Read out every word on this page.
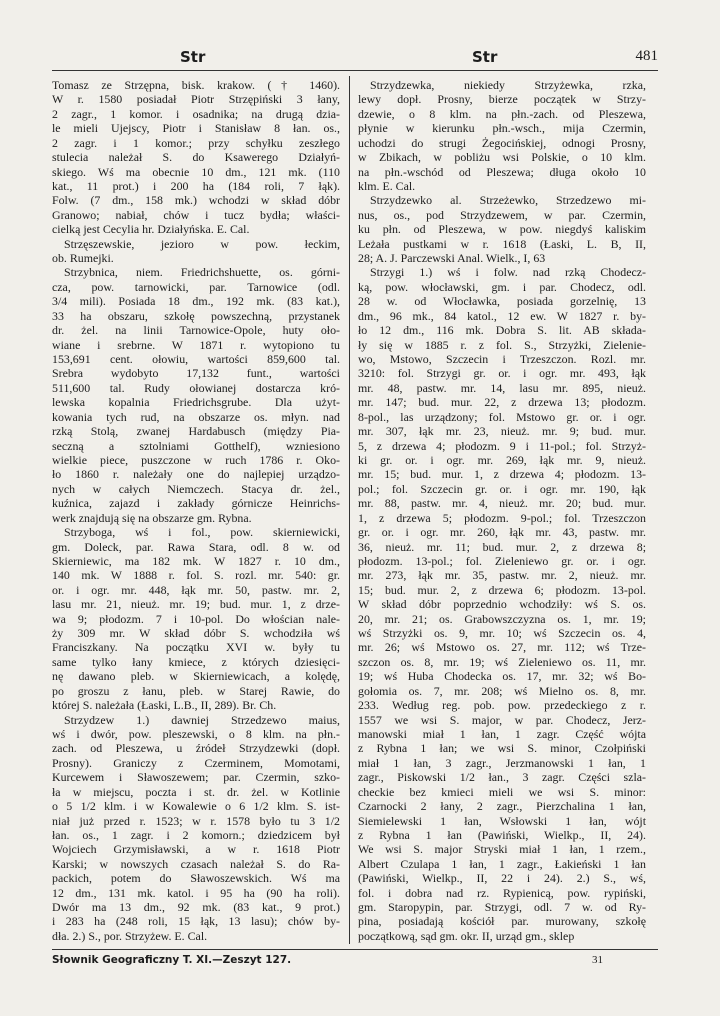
Str	Str	481
Tomasz ze Strzępna, bisk. krakow. († 1460).
W r. 1580 posiadał Piotr Strzępiński 3 łany,
2 zagr., 1 komor. i osadnika; na drugą dzia-
le mieli Ujejscy, Piotr i Stanisław 8 łan. os.,
2 zagr. i 1 komor.; przy schyłku zeszłego
stulecia należał S. do Ksawerego Działyń-
skiego. Wś ma obecnie 10 dm., 121 mk. (110
kat., 11 prot.) i 200 ha (184 roli, 7 łąk).
Folw. (7 dm., 158 mk.) wchodzi w skład dóbr
Granowo; nabiał, chów i tucz bydła; właści-
cielką jest Cecylia hr. Działyńska. E. Cal.
Strzęszewskie, jezioro w pow. łeckim,
ob. Rumejki.
Strzybnica, niem. Friedrichshuette, os. górni-
cza, pow. tarnowicki, par. Tarnowice (odl.
3/4 mili). Posiada 18 dm., 192 mk. (83 kat.),
33 ha obszaru, szkołę powszechną, przystanek
dr. żel. na linii Tarnowice-Opole, huty oło-
wiane i srebrne. W 1871 r. wytopiono tu
153,691 cent. ołowiu, wartości 859,600 tal.
Srebra wydobyto 17,132 funt., wartości
511,600 tal. Rudy ołowianej dostarcza kró-
lewska kopalnia Friedrichsgrube. Dla użyt-
kowania tych rud, na obszarze os. młyn. nad
rzką Stolą, zwanej Hardabusch (między Pia-
seczną a sztolniami Gotthelf), wzniesiono
wielkie piece, puszczone w ruch 1786 r. Oko-
ło 1860 r. należały one do najlepiej urządzo-
nych w całych Niemczech. Stacya dr. żel.,
kuźnica, zajazd i zakłady górnicze Heinrichs-
werk znajdują się na obszarze gm. Rybna.
Strzyboga, wś i fol., pow. skierniewicki,
gm. Doleck, par. Rawa Stara, odl. 8 w. od
Skierniewic, ma 182 mk. W 1827 r. 10 dm.,
140 mk. W 1888 r. fol. S. rozl. mr. 540: gr.
or. i ogr. mr. 448, łąk mr. 50, pastw. mr. 2,
lasu mr. 21, nieuż. mr. 19; bud. mur. 1, z drze-
wa 9; płodozm. 7 i 10-pol. Do włościan nale-
ży 309 mr. W skład dóbr S. wchodziła wś
Franciszkany. Na początku XVI w. były tu
same tylko łany kmiece, z których dziesięci-
nę dawano pleb. w Skierniewicach, a kolędę,
po groszu z łanu, pleb. w Starej Rawie, do
której S. należała (Łaski, L.B., II, 289). Br. Ch.
Strzydzew 1.) dawniej Strzedzewo maius,
wś i dwór, pow. pleszewski, o 8 klm. na płn.-
zach. od Pleszewa, u źródeł Strzydzewki (dopł.
Prosny). Graniczy z Czerminem, Momotami,
Kurcewem i Sławoszewem; par. Czermin, szko-
ła w miejscu, poczta i st. dr. żel. w Kotlinie
o 5 1/2 klm. i w Kowalewie o 6 1/2 klm. S. ist-
niał już przed r. 1523; w r. 1578 było tu 3 1/2
łan. os., 1 zagr. i 2 komorn.; dziedzicem był
Wojciech Grzymisławski, a w r. 1618 Piotr
Karski; w nowszych czasach należał S. do Ra-
packich, potem do Sławoszewskich. Wś ma
12 dm., 131 mk. katol. i 95 ha (90 ha roli).
Dwór ma 13 dm., 92 mk. (83 kat., 9 prot.)
i 283 ha (248 roli, 15 łąk, 13 lasu); chów by-
dła. 2.) S., por. Strzyżew. E. Cal.
Strzydzewka, niekiedy Strzyżewka, rzka,
lewy dopł. Prosny, bierze początek w Strzy-
dzewie, o 8 klm. na płn.-zach. od Pleszewa,
płynie w kierunku płn.-wsch., mija Czermin,
uchodzi do strugi Żegocińskiej, odnogi Prosny,
w Zbikach, w pobliżu wsi Polskie, o 10 klm.
na płn.-wschód od Pleszewa; długa około 10
klm. E. Cal.
Strzydzewko al. Strzeżewko, Strzedzewo mi-
nus, os., pod Strzydzewem, w par. Czermin,
ku płn. od Pleszewa, w pow. niegdyś kaliskim
Leżała pustkami w r. 1618 (Łaski, L. B, II,
28; A. J. Parczewski Anal. Wielk., I, 63
Strzygi 1.) wś i folw. nad rzką Chodecz-
ką, pow. włocławski, gm. i par. Chodecz, odl.
28 w. od Włocławka, posiada gorzelnię, 13
dm., 96 mk., 84 katol., 12 ew. W 1827 r. by-
ło 12 dm., 116 mk. Dobra S. lit. AB składa-
ły się w 1885 r. z fol. S., Strzyżki, Zielenie-
wo, Mstowo, Szczecin i Trzeszczon. Rozl. mr.
3210: fol. Strzygi gr. or. i ogr. mr. 493, łąk
mr. 48, pastw. mr. 14, lasu mr. 895, nieuż.
mr. 147; bud. mur. 22, z drzewa 13; płodozm.
8-pol., las urządzony; fol. Mstowo gr. or. i ogr.
mr. 307, łąk mr. 23, nieuż. mr. 9; bud. mur.
5, z drzewa 4; płodozm. 9 i 11-pol.; fol. Strzyż-
ki gr. or. i ogr. mr. 269, łąk mr. 9, nieuż.
mr. 15; bud. mur. 1, z drzewa 4; płodozm. 13-
pol.; fol. Szczecin gr. or. i ogr. mr. 190, łąk
mr. 88, pastw. mr. 4, nieuż. mr. 20; bud. mur.
1, z drzewa 5; płodozm. 9-pol.; fol. Trzeszczon
gr. or. i ogr. mr. 260, łąk mr. 43, pastw. mr.
36, nieuż. mr. 11; bud. mur. 2, z drzewa 8;
płodozm. 13-pol.; fol. Zieleniewo gr. or. i ogr.
mr. 273, łąk mr. 35, pastw. mr. 2, nieuż. mr.
15; bud. mur. 2, z drzewa 6; płodozm. 13-pol.
W skład dóbr poprzednio wchodziły: wś S. os.
20, mr. 21; os. Grabowszczyzna os. 1, mr. 19;
wś Strzyżki os. 9, mr. 10; wś Szczecin os. 4,
mr. 26; wś Mstowo os. 27, mr. 112; wś Trze-
szczon os. 8, mr. 19; wś Zieleniewo os. 11, mr.
19; wś Huba Chodecka os. 17, mr. 32; wś Bo-
gołomia os. 7, mr. 208; wś Mielno os. 8, mr.
233. Według reg. pob. pow. przedeckiego z r.
1557 we wsi S. major, w par. Chodecz, Jerz-
manowski miał 1 łan, 1 zagr. Część wójta
z Rybna 1 łan; we wsi S. minor, Czołpiński
miał 1 łan, 3 zagr., Jerzmanowski 1 łan, 1
zagr., Piskowski 1/2 łan., 3 zagr. Części szla-
checkie bez kmieci mieli we wsi S. minor:
Czarnocki 2 łany, 2 zagr., Pierzchalina 1 łan,
Siemielewski 1 łan, Wsłowski 1 łan, wójt
z Rybna 1 łan (Pawiński, Wielkp., II, 24).
We wsi S. major Stryski miał 1 łan, 1 rzem.,
Albert Czulapa 1 łan, 1 zagr., Łakieński 1 łan
(Pawiński, Wielkp., II, 22 i 24). 2.) S., wś,
fol. i dobra nad rz. Rypienicą, pow. rypiński,
gm. Staroрypin, par. Strzygi, odl. 7 w. od Ry-
pina, posiadają kościół par. murowany, szkołę
początkową, sąd gm. okr. II, urząd gm., sklep
Słownik Geograficzny T. XI.—Zeszyt 127.	31
